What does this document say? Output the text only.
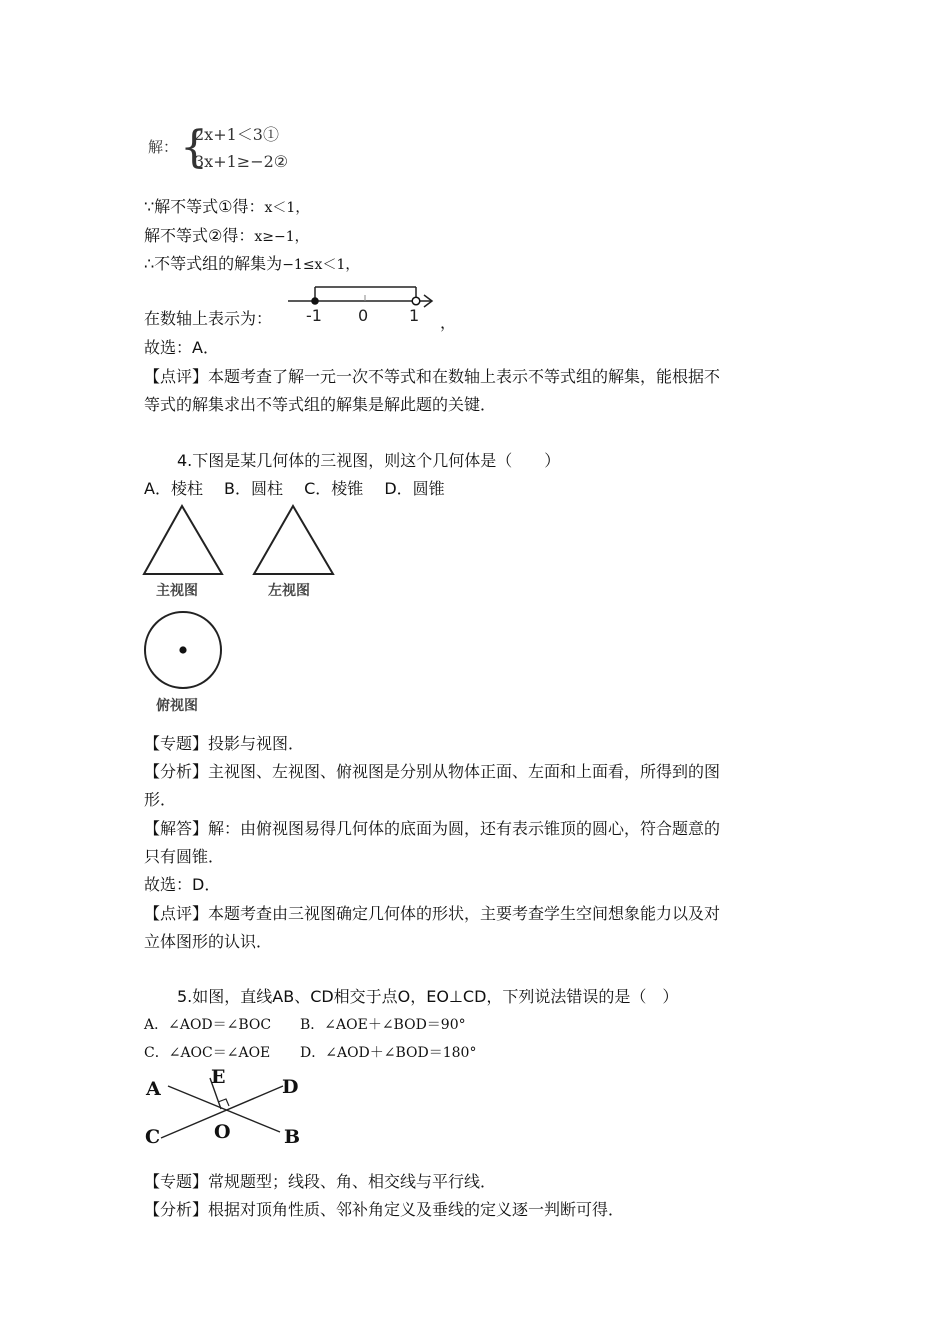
解： {
2x+1＜3①
3x+1≥−2②
∵解不等式①得：x＜1，
解不等式②得：x≥−1，
∴不等式组的解集为−1≤x＜1，
在数轴上表示为： -1 0	1 ，
故选：A．
【点评】本题考查了解一元一次不等式和在数轴上表示不等式组的解集，能根据不
等式的解集求出不等式组的解集是解此题的关键．
4.下图是某几何体的三视图，则这个几何体是（　　）
A．棱柱　 B．圆柱　 C．棱锥　 D．圆锥
主视图	左视图
俯视图
【专题】投影与视图．
【分析】主视图、左视图、俯视图是分别从物体正面、左面和上面看，所得到的图
形．
【解答】解：由俯视图易得几何体的底面为圆，还有表示锥顶的圆心，符合题意的
只有圆锥．
故选：D．
【点评】本题考查由三视图确定几何体的形状，主要考查学生空间想象能力以及对
立体图形的认识．
5.如图，直线AB、CD相交于点O，EO⊥CD，下列说法错误的是（　）
A．∠AOD＝∠BOC B．∠AOE＋∠BOD＝90°
C．∠AOC＝∠AOE D．∠AOD＋∠BOD＝180°
A
E	D
C	O	B
【专题】常规题型；线段、角、相交线与平行线．
【分析】根据对顶角性质、邻补角定义及垂线的定义逐一判断可得．
